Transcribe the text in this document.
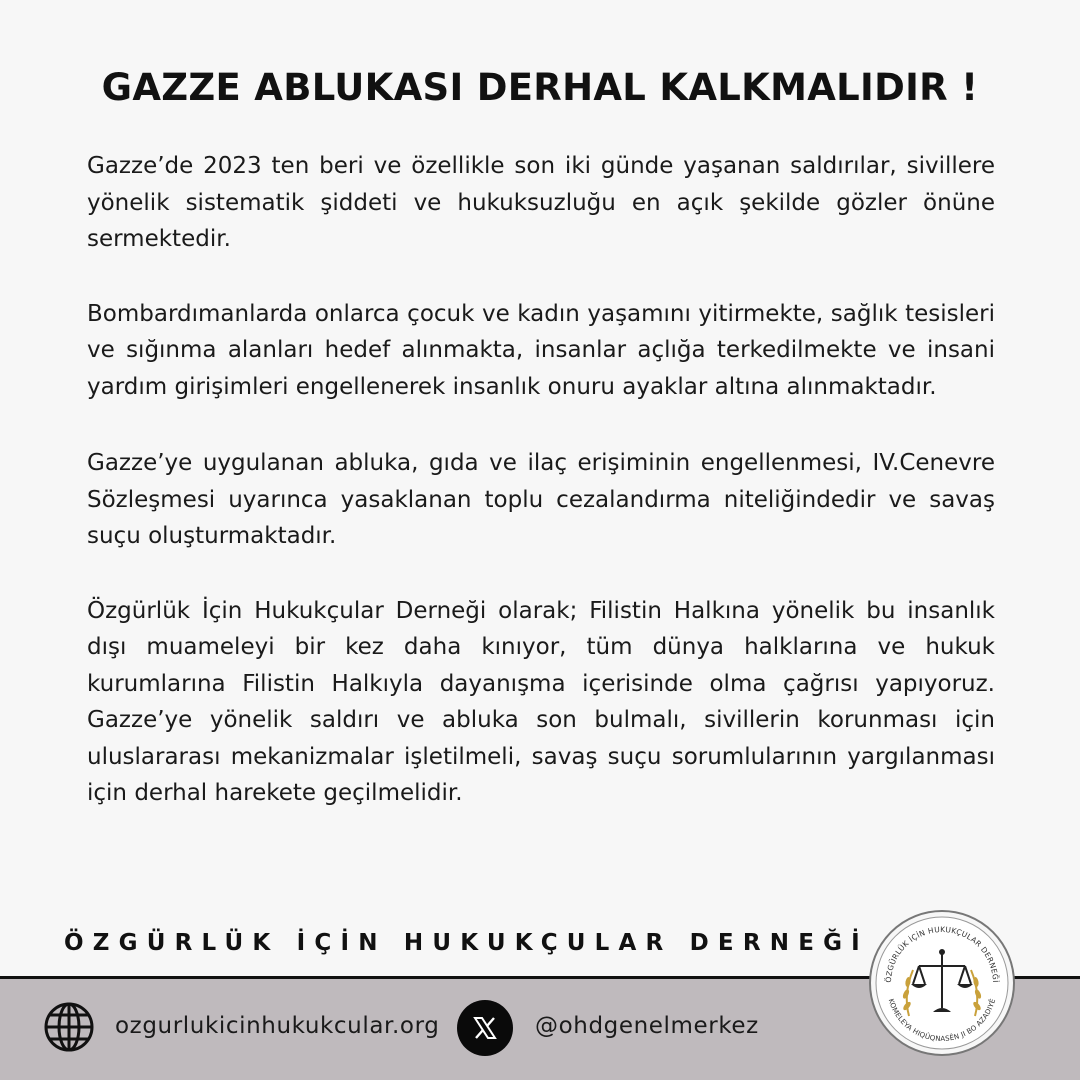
GAZZE ABLUKASI DERHAL KALKMALIDIR !

Gazze’de 2023 ten beri ve özellikle son iki günde yaşanan saldırılar, sivillere yönelik sistematik şiddeti ve hukuksuzluğu en açık şekilde gözler önüne sermektedir.

Bombardımanlarda onlarca çocuk ve kadın yaşamını yitirmekte, sağlık tesisleri ve sığınma alanları hedef alınmakta, insanlar açlığa terkedilmekte ve insani yardım girişimleri engellenerek insanlık onuru ayaklar altına alınmaktadır.

Gazze’ye uygulanan abluka, gıda ve ilaç erişiminin engellenmesi, IV.Cenevre Sözleşmesi uyarınca yasaklanan toplu cezalandırma niteliğindedir ve savaş suçu oluşturmaktadır.

Özgürlük İçin Hukukçular Derneği olarak; Filistin Halkına yönelik bu insanlık dışı muameleyi bir kez daha kınıyor, tüm dünya halklarına ve hukuk kurumlarına Filistin Halkıyla dayanışma içerisinde olma çağrısı yapıyoruz. Gazze’ye yönelik saldırı ve abluka son bulmalı, sivillerin korunması için uluslararası mekanizmalar işletilmeli, savaş suçu sorumlularının yargılanması için derhal harekete geçilmelidir.

ÖZGÜRLÜK İÇİN HUKUKÇULAR DERNEĞİ
ozgurlukicinhukukcular.org	@ohdgenelmerkez
ÖZGÜRLÜK İÇİN HUKUKÇULAR DERNEĞİ
KOMELEYA HIQÛQNASÊN JI BO AZADIYÊ
